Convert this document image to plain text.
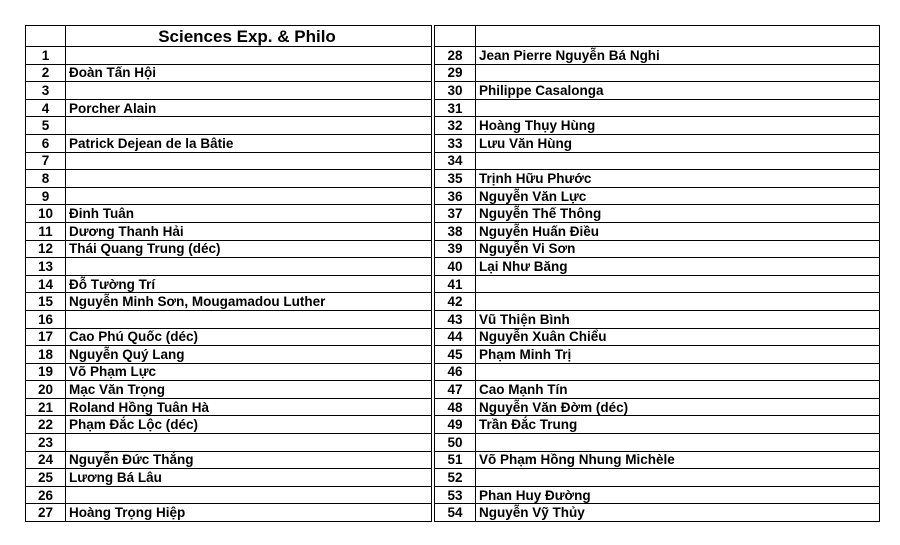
	Sciences Exp. & Philo			
1			28	Jean Pierre Nguyễn Bá Nghi
2	Đoàn Tấn Hội		29	
3			30	Philippe Casalonga
4	Porcher Alain		31	
5			32	Hoàng Thụy Hùng
6	Patrick Dejean de la Bâtie		33	Lưu Văn Hùng
7			34	
8			35	Trịnh Hữu Phước
9			36	Nguyễn Văn Lực
10	Đinh Tuân		37	Nguyễn Thế Thông
11	Dương Thanh Hải		38	Nguyễn Huấn Điều
12	Thái Quang Trung (déc)		39	Nguyễn Vi Sơn
13			40	Lại Như Băng
14	Đỗ Tường Trí		41	
15	Nguyễn Minh Sơn, Mougamadou Luther		42	
16			43	Vũ Thiện Bình
17	Cao Phú Quốc (déc)		44	Nguyễn Xuân Chiểu
18	Nguyễn Quý Lang		45	Phạm Minh Trị
19	Võ Phạm Lực		46	
20	Mạc Văn Trọng		47	Cao Mạnh Tín
21	Roland Hồng Tuân Hà		48	Nguyễn Văn Đờm (déc)
22	Phạm Đắc Lộc (déc)		49	Trần Đắc Trung
23			50	
24	Nguyễn Đức Thắng		51	Võ Phạm Hồng Nhung Michèle
25	Lương Bá Lâu		52	
26			53	Phan Huy Đường
27	Hoàng Trọng Hiệp		54	Nguyễn Vỹ Thủy
